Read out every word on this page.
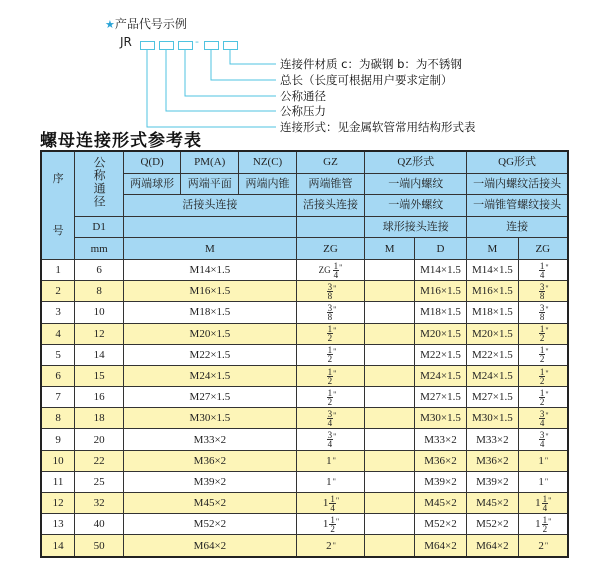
★产品代号示例
JR	-
连接件材质 c：为碳钢 b：为不锈钢
总长（长度可根据用户要求定制）
公称通径
公称压力
连接形式：见金属软管常用结构形式表
螺母连接形式参考表
序
号	公称通径	Q(D)	PM(A)	NZ(C)	GZ	QZ形式		QG形式	
		两端球形	两端平面	两端内锥	两端锥管	一端内螺纹		一端内螺纹活接头	
		活接头连接			活接头连接	一端外螺纹		一端锥管螺纹接头	
	D1					球形接头连接		连接	
	mm	M			ZG	M	D	M	ZG
1	6	M14×1.5			ZG $\frac{1}{4} ^"$		M14×1.5	M14×1.5	$\frac{1}{4} ^"$
2	8	M16×1.5			$\frac{3}{8} ^"$		M16×1.5	M16×1.5	$\frac{3}{8} ^"$
3	10	M18×1.5			$\frac{3}{8} ^"$		M18×1.5	M18×1.5	$\frac{3}{8} ^"$
4	12	M20×1.5			$\frac{1}{2} ^"$		M20×1.5	M20×1.5	$\frac{1}{2} ^"$
5	14	M22×1.5			$\frac{1}{2} ^"$		M22×1.5	M22×1.5	$\frac{1}{2} ^"$
6	15	M24×1.5			$\frac{1}{2} ^"$		M24×1.5	M24×1.5	$\frac{1}{2} ^"$
7	16	M27×1.5			$\frac{1}{2} ^"$		M27×1.5	M27×1.5	$\frac{1}{2} ^"$
8	18	M30×1.5			$\frac{3}{4} ^"$		M30×1.5	M30×1.5	$\frac{3}{4} ^"$
9	20	M33×2			$\frac{3}{4} ^"$		M33×2	M33×2	$\frac{3}{4} ^"$
10	22	M36×2			1"		M36×2	M36×2	1"
11	25	M39×2			1"		M39×2	M39×2	1"
12	32	M45×2			$1 \frac{1}{4} ^"$		M45×2	M45×2	$1 \frac{1}{4} ^"$
13	40	M52×2			$1 \frac{1}{2} ^"$		M52×2	M52×2	$1 \frac{1}{2} ^"$
14	50	M64×2			2"		M64×2	M64×2	2"
